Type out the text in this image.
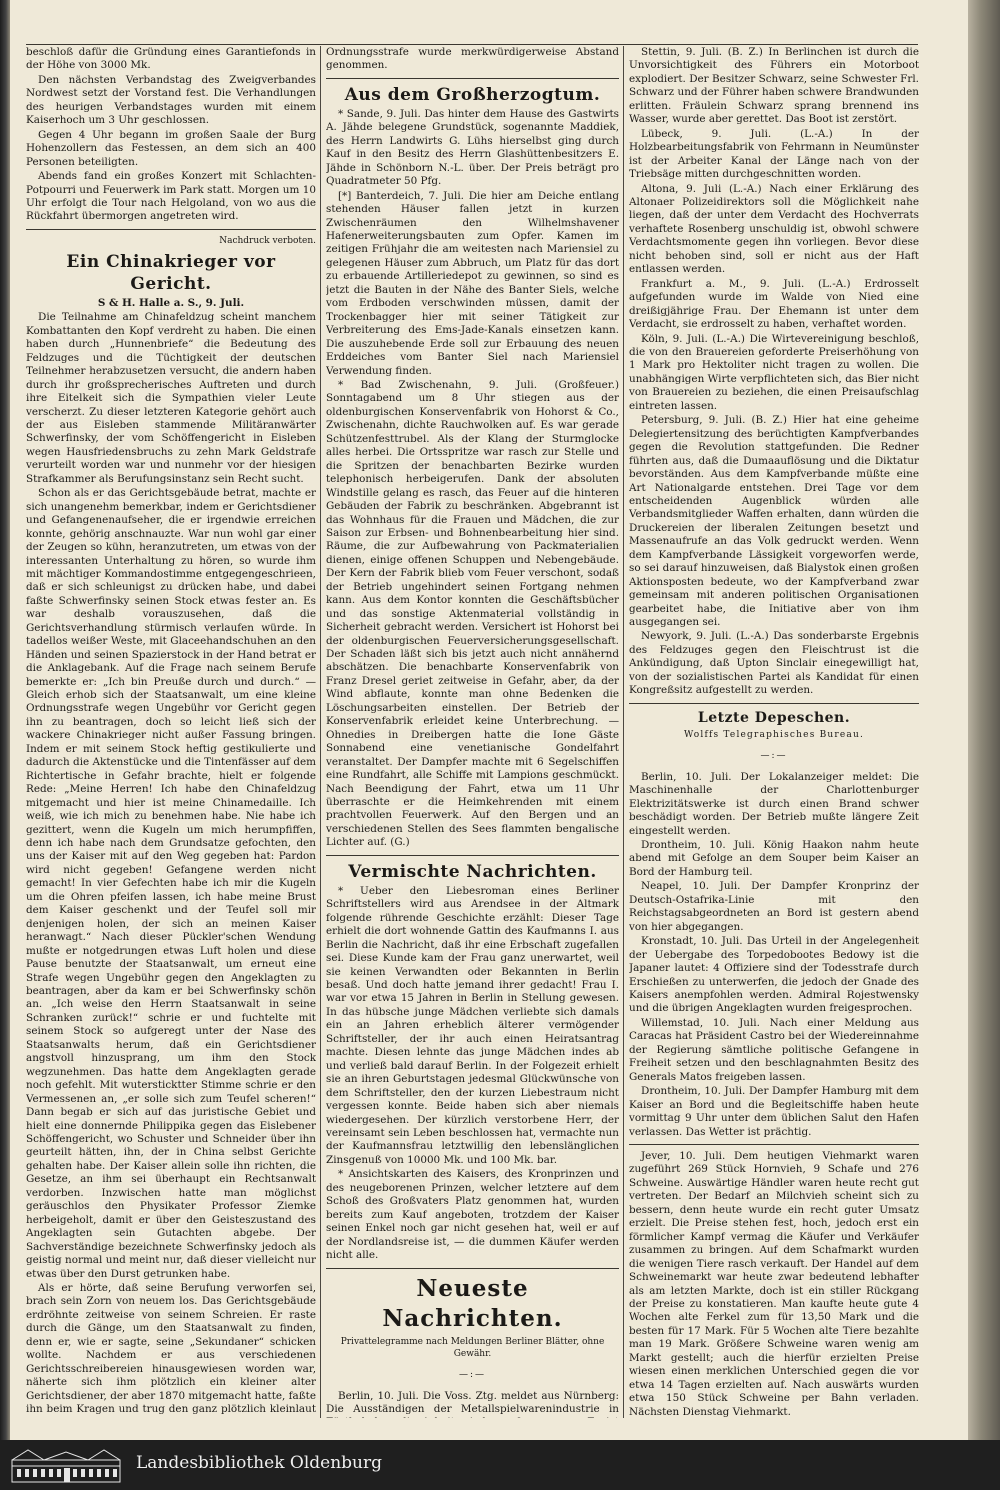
beschloß dafür die Gründung eines Garantiefonds in der Höhe von 3000 Mk.

Den nächsten Verbandstag des Zweigverbandes Nordwest setzt der Vorstand fest. Die Verhandlungen des heurigen Verbandstages wurden mit einem Kaiserhoch um 3 Uhr geschlossen.

Gegen 4 Uhr begann im großen Saale der Burg Hohenzollern das Festessen, an dem sich an 400 Personen beteiligten.

Abends fand ein großes Konzert mit Schlachten-Potpourri und Feuerwerk im Park statt. Morgen um 10 Uhr erfolgt die Tour nach Helgoland, von wo aus die Rückfahrt übermorgen angetreten wird.

Nachdruck verboten.

Ein Chinakrieger vor Gericht.

S & H. Halle a. S., 9. Juli.

Die Teilnahme am Chinafeldzug scheint manchem Kombattanten den Kopf verdreht zu haben. Die einen haben durch „Hunnenbriefe“ die Bedeutung des Feldzuges und die Tüchtigkeit der deutschen Teilnehmer herabzusetzen versucht, die andern haben durch ihr großsprecherisches Auftreten und durch ihre Eitelkeit sich die Sympathien vieler Leute verscherzt. Zu dieser letzteren Kategorie gehört auch der aus Eisleben stammende Militäranwärter Schwerfinsky, der vom Schöffengericht in Eisleben wegen Hausfriedensbruchs zu zehn Mark Geldstrafe verurteilt worden war und nunmehr vor der hiesigen Strafkammer als Berufungsinstanz sein Recht sucht.

Schon als er das Gerichtsgebäude betrat, machte er sich unangenehm bemerkbar, indem er Gerichtsdiener und Gefangenenaufseher, die er irgendwie erreichen konnte, gehörig anschnauzte. War nun wohl gar einer der Zeugen so kühn, heranzutreten, um etwas von der interessanten Unterhaltung zu hören, so wurde ihm mit mächtiger Kommandostimme entgegengeschrieen, daß er sich schleunigst zu drücken habe, und dabei faßte Schwerfinsky seinen Stock etwas fester an. Es war deshalb vorauszusehen, daß die Gerichtsverhandlung stürmisch verlaufen würde. In tadellos weißer Weste, mit Glaceehandschuhen an den Händen und seinen Spazierstock in der Hand betrat er die Anklagebank. Auf die Frage nach seinem Berufe bemerkte er: „Ich bin Preuße durch und durch.“ — Gleich erhob sich der Staatsanwalt, um eine kleine Ordnungsstrafe wegen Ungebühr vor Gericht gegen ihn zu beantragen, doch so leicht ließ sich der wackere Chinakrieger nicht außer Fassung bringen. Indem er mit seinem Stock heftig gestikulierte und dadurch die Aktenstücke und die Tintenfässer auf dem Richtertische in Gefahr brachte, hielt er folgende Rede: „Meine Herren! Ich habe den Chinafeldzug mitgemacht und hier ist meine Chinamedaille. Ich weiß, wie ich mich zu benehmen habe. Nie habe ich gezittert, wenn die Kugeln um mich herumpfiffen, denn ich habe nach dem Grundsatze gefochten, den uns der Kaiser mit auf den Weg gegeben hat: Pardon wird nicht gegeben! Gefangene werden nicht gemacht! In vier Gefechten habe ich mir die Kugeln um die Ohren pfeifen lassen, ich habe meine Brust dem Kaiser geschenkt und der Teufel soll mir denjenigen holen, der sich an meinen Kaiser heranwagt.“ Nach dieser Pückler'schen Wendung mußte er notgedrungen etwas Luft holen und diese Pause benutzte der Staatsanwalt, um erneut eine Strafe wegen Ungebühr gegen den Angeklagten zu beantragen, aber da kam er bei Schwerfinsky schön an. „Ich weise den Herrn Staatsanwalt in seine Schranken zurück!“ schrie er und fuchtelte mit seinem Stock so aufgeregt unter der Nase des Staatsanwalts herum, daß ein Gerichtsdiener angstvoll hinzusprang, um ihm den Stock wegzunehmen. Das hatte dem Angeklagten gerade noch gefehlt. Mit wutersticktter Stimme schrie er den Vermessenen an, „er solle sich zum Teufel scheren!“ Dann begab er sich auf das juristische Gebiet und hielt eine donnernde Philippika gegen das Eislebener Schöffengericht, wo Schuster und Schneider über ihn geurteilt hätten, ihn, der in China selbst Gerichte gehalten habe. Der Kaiser allein solle ihn richten, die Gesetze, an ihm sei überhaupt ein Rechtsanwalt verdorben. Inzwischen hatte man möglichst geräuschlos den Physikater Professor Ziemke herbeigeholt, damit er über den Geisteszustand des Angeklagten sein Gutachten abgebe. Der Sachverständige bezeichnete Schwerfinsky jedoch als geistig normal und meint nur, daß dieser vielleicht nur etwas über den Durst getrunken habe.

Als er hörte, daß seine Berufung verworfen sei, brach sein Zorn von neuem los. Das Gerichtsgebäude erdröhnte zeitweise von seinem Schreien. Er raste durch die Gänge, um den Staatsanwalt zu finden, denn er, wie er sagte, seine „Sekundaner“ schicken wollte. Nachdem er aus verschiedenen Gerichtsschreibereien hinausgewiesen worden war, näherte sich ihm plötzlich ein kleiner alter Gerichtsdiener, der aber 1870 mitgemacht hatte, faßte ihn beim Kragen und trug den ganz plötzlich kleinlaut

Ordnungsstrafe wurde merkwürdigerweise Abstand genommen.

Aus dem Großherzogtum.

* Sande, 9. Juli. Das hinter dem Hause des Gastwirts A. Jähde belegene Grundstück, sogenannte Maddiek, des Herrn Landwirts G. Lühs hierselbst ging durch Kauf in den Besitz des Herrn Glashüttenbesitzers E. Jähde in Schönborn N.-L. über. Der Preis beträgt pro Quadratmeter 50 Pfg.

[*] Banterdeich, 7. Juli. Die hier am Deiche entlang stehenden Häuser fallen jetzt in kurzen Zwischenräumen den Wilhelmshavener Hafenerweiterungsbauten zum Opfer. Kamen im zeitigen Frühjahr die am weitesten nach Mariensiel zu gelegenen Häuser zum Abbruch, um Platz für das dort zu erbauende Artilleriedepot zu gewinnen, so sind es jetzt die Bauten in der Nähe des Banter Siels, welche vom Erdboden verschwinden müssen, damit der Trockenbagger hier mit seiner Tätigkeit zur Verbreiterung des Ems-Jade-Kanals einsetzen kann. Die auszuhebende Erde soll zur Erbauung des neuen Erddeiches vom Banter Siel nach Mariensiel Verwendung finden.

* Bad Zwischenahn, 9. Juli. (Großfeuer.) Sonntagabend um 8 Uhr stiegen aus der oldenburgischen Konservenfabrik von Hohorst & Co., Zwischenahn, dichte Rauchwolken auf. Es war gerade Schützenfesttrubel. Als der Klang der Sturmglocke alles herbei. Die Ortsspritze war rasch zur Stelle und die Spritzen der benachbarten Bezirke wurden telephonisch herbeigerufen. Dank der absoluten Windstille gelang es rasch, das Feuer auf die hinteren Gebäuden der Fabrik zu beschränken. Abgebrannt ist das Wohnhaus für die Frauen und Mädchen, die zur Saison zur Erbsen- und Bohnenbearbeitung hier sind. Räume, die zur Aufbewahrung von Packmaterialien dienen, einige offenen Schuppen und Nebengebäude. Der Kern der Fabrik blieb vom Feuer verschont, sodaß der Betrieb ungehindert seinen Fortgang nehmen kann. Aus dem Kontor konnten die Geschäftsbücher und das sonstige Aktenmaterial vollständig in Sicherheit gebracht werden. Versichert ist Hohorst bei der oldenburgischen Feuerversicherungsgesellschaft. Der Schaden läßt sich bis jetzt auch nicht annähernd abschätzen. Die benachbarte Konservenfabrik von Franz Dresel geriet zeitweise in Gefahr, aber, da der Wind abflaute, konnte man ohne Bedenken die Löschungsarbeiten einstellen. Der Betrieb der Konservenfabrik erleidet keine Unterbrechung. — Ohnedies in Dreibergen hatte die Ione Gäste Sonnabend eine venetianische Gondelfahrt veranstaltet. Der Dampfer machte mit 6 Segelschiffen eine Rundfahrt, alle Schiffe mit Lampions geschmückt. Nach Beendigung der Fahrt, etwa um 11 Uhr überraschte er die Heimkehrenden mit einem prachtvollen Feuerwerk. Auf den Bergen und an verschiedenen Stellen des Sees flammten bengalische Lichter auf. (G.)

Vermischte Nachrichten.

* Ueber den Liebesroman eines Berliner Schriftstellers wird aus Arendsee in der Altmark folgende rührende Geschichte erzählt: Dieser Tage erhielt die dort wohnende Gattin des Kaufmanns I. aus Berlin die Nachricht, daß ihr eine Erbschaft zugefallen sei. Diese Kunde kam der Frau ganz unerwartet, weil sie keinen Verwandten oder Bekannten in Berlin besaß. Und doch hatte jemand ihrer gedacht! Frau I. war vor etwa 15 Jahren in Berlin in Stellung gewesen. In das hübsche junge Mädchen verliebte sich damals ein an Jahren erheblich älterer vermögender Schriftsteller, der ihr auch einen Heiratsantrag machte. Diesen lehnte das junge Mädchen indes ab und verließ bald darauf Berlin. In der Folgezeit erhielt sie an ihren Geburtstagen jedesmal Glückwünsche von dem Schriftsteller, den der kurzen Liebestraum nicht vergessen konnte. Beide haben sich aber niemals wiedergesehen. Der kürzlich verstorbene Herr, der vereinsamt sein Leben beschlossen hat, vermachte nun der Kaufmannsfrau letztwillig den lebenslänglichen Zinsgenuß von 10000 Mk. und 100 Mk. bar.

* Ansichtskarten des Kaisers, des Kronprinzen und des neugeborenen Prinzen, welcher letztere auf dem Schoß des Großvaters Platz genommen hat, wurden bereits zum Kauf angeboten, trotzdem der Kaiser seinen Enkel noch gar nicht gesehen hat, weil er auf der Nordlandsreise ist, — die dummen Käufer werden nicht alle.

Neueste Nachrichten.

Privattelegramme nach Meldungen Berliner Blätter, ohne Gewähr.

—:—

Berlin, 10. Juli. Die Voss. Ztg. meldet aus Nürnberg: Die Ausständigen der Metallspielwarenindustrie in

Stettin, 9. Juli. (B. Z.) In Berlinchen ist durch die Unvorsichtigkeit des Führers ein Motorboot explodiert. Der Besitzer Schwarz, seine Schwester Frl. Schwarz und der Führer haben schwere Brandwunden erlitten. Fräulein Schwarz sprang brennend ins Wasser, wurde aber gerettet. Das Boot ist zerstört.

Lübeck, 9. Juli. (L.-A.) In der Holzbearbeitungsfabrik von Fehrmann in Neumünster ist der Arbeiter Kanal der Länge nach von der Triebsäge mitten durchgeschnitten worden.

Altona, 9. Juli (L.-A.) Nach einer Erklärung des Altonaer Polizeidirektors soll die Möglichkeit nahe liegen, daß der unter dem Verdacht des Hochverrats verhaftete Rosenberg unschuldig ist, obwohl schwere Verdachtsmomente gegen ihn vorliegen. Bevor diese nicht behoben sind, soll er nicht aus der Haft entlassen werden.

Frankfurt a. M., 9. Juli. (L.-A.) Erdrosselt aufgefunden wurde im Walde von Nied eine dreißigjährige Frau. Der Ehemann ist unter dem Verdacht, sie erdrosselt zu haben, verhaftet worden.

Köln, 9. Juli. (L.-A.) Die Wirtevereinigung beschloß, die von den Brauereien geforderte Preiserhöhung von 1 Mark pro Hektoliter nicht tragen zu wollen. Die unabhängigen Wirte verpflichteten sich, das Bier nicht von Brauereien zu beziehen, die einen Preisaufschlag eintreten lassen.

Petersburg, 9. Juli. (B. Z.) Hier hat eine geheime Delegiertensitzung des berüchtigten Kampfverbandes gegen die Revolution stattgefunden. Die Redner führten aus, daß die Dumaauflösung und die Diktatur bevorständen. Aus dem Kampfverbande müßte eine Art Nationalgarde entstehen. Drei Tage vor dem entscheidenden Augenblick würden alle Verbandsmitglieder Waffen erhalten, dann würden die Druckereien der liberalen Zeitungen besetzt und Massenaufrufe an das Volk gedruckt werden. Wenn dem Kampfverbande Lässigkeit vorgeworfen werde, so sei darauf hinzuweisen, daß Bialystok einen großen Aktionsposten bedeute, wo der Kampfverband zwar gemeinsam mit anderen politischen Organisationen gearbeitet habe, die Initiative aber von ihm ausgegangen sei.

Newyork, 9. Juli. (L.-A.) Das sonderbarste Ergebnis des Feldzuges gegen den Fleischtrust ist die Ankündigung, daß Upton Sinclair einegewilligt hat, von der sozialistischen Partei als Kandidat für einen Kongreßsitz aufgestellt zu werden.

Letzte Depeschen.

Wolffs Telegraphisches Bureau.

—:—

Berlin, 10. Juli. Der Lokalanzeiger meldet: Die Maschinenhalle der Charlottenburger Elektrizitätswerke ist durch einen Brand schwer beschädigt worden. Der Betrieb mußte längere Zeit eingestellt werden.

Drontheim, 10. Juli. König Haakon nahm heute abend mit Gefolge an dem Souper beim Kaiser an Bord der Hamburg teil.

Neapel, 10. Juli. Der Dampfer Kronprinz der Deutsch-Ostafrika-Linie mit den Reichstagsabgeordneten an Bord ist gestern abend von hier abgegangen.

Kronstadt, 10. Juli. Das Urteil in der Angelegenheit der Uebergabe des Torpedobootes Bedowy ist die Japaner lautet: 4 Offiziere sind der Todesstrafe durch Erschießen zu unterwerfen, die jedoch der Gnade des Kaisers anempfohlen werden. Admiral Rojestwensky und die übrigen Angeklagten wurden freigesprochen.

Willemstad, 10. Juli. Nach einer Meldung aus Caracas hat Präsident Castro bei der Wiedereinnahme der Regierung sämtliche politische Gefangene in Freiheit setzen und den beschlagnahmten Besitz des Generals Matos freigeben lassen.

Drontheim, 10. Juli. Der Dampfer Hamburg mit dem Kaiser an Bord und die Begleitschiffe haben heute vormittag 9 Uhr unter dem üblichen Salut den Hafen verlassen. Das Wetter ist prächtig.

Jever, 10. Juli. Dem heutigen Viehmarkt waren zugeführt 269 Stück Hornvieh, 9 Schafe und 276 Schweine. Auswärtige Händler waren heute recht gut vertreten. Der Bedarf an Milchvieh scheint sich zu bessern, denn heute wurde ein recht guter Umsatz erzielt. Die Preise stehen fest, hoch, jedoch erst ein förmlicher Kampf vermag die Käufer und Verkäufer zusammen zu bringen. Auf dem Schafmarkt wurden die wenigen Tiere rasch verkauft. Der Handel auf dem Schweinemarkt war heute zwar bedeutend lebhafter als am letzten Markte, doch ist ein stiller Rückgang der Preise zu konstatieren. Man kaufte heute gute 4 Wochen alte Ferkel zum für 13,50 Mark und die besten für 17 Mark. Für 5 Wochen alte Tiere bezahlte man 19 Mark. Größere Schweine waren wenig am Markt gestellt; auch die hierfür erzielten Preise wiesen einen merklichen Unterschied gegen die vor etwa 14 Tagen erzielten auf. Nach auswärts wurden etwa 150 Stück Schweine per Bahn verladen. Nächsten Dienstag Viehmarkt.

Landesbibliothek Oldenburg
